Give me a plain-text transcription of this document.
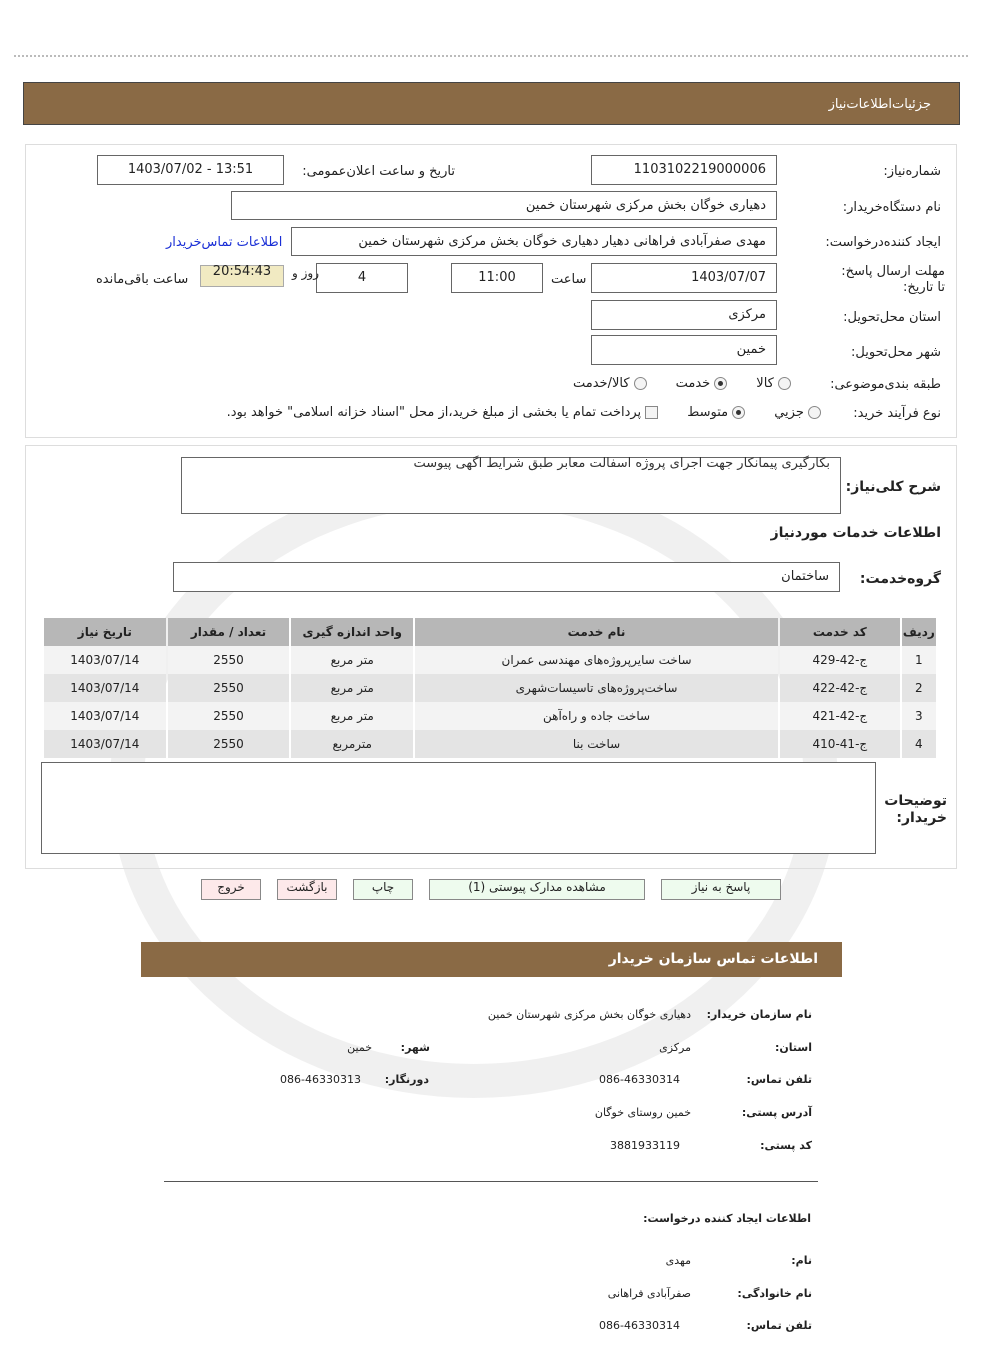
جزئیات‌اطلاعات‌نیاز
شماره‌نیاز:
1103102219000006
تاریخ و ساعت اعلان‌عمومی:
1403/07/02 - 13:51
نام دستگاه‌خریدار:
دهیاری خوگان بخش مرکزی شهرستان خمین
ایجاد کننده‌درخواست:
مهدی صفرآبادی فراهانی دهیار دهیاری خوگان بخش مرکزی شهرستان خمین
اطلاعات تماس‌خریدار
مهلت ارسال پاسخ: تا تاریخ:
1403/07/07
ساعت
11:00
4
روز و
20:54:43
ساعت باقی‌مانده
استان محل‌تحویل:
مرکزی
شهر محل‌تحویل:
خمین
طبقه بندی‌موضوعی:
کالا        خدمت        کالا/خدمت
نوع فرآیند خرید:
جزیي        متوسط        پرداخت تمام یا بخشی از مبلغ خرید،از محل "اسناد خزانه اسلامی" خواهد بود.
شرح کلی‌نیاز:
بکارگیری پیمانکار جهت اجرای پروژه اسفالت معابر طبق شرایط اگهی پیوست
اطلاعات خدمات موردنیاز
گروه‌خدمت:
ساختمان
ردیف	کد خدمت	نام خدمت	واحد اندازه گیری	تعداد / مقدار	تاریخ نیاز
1	ج-42-429	ساخت سایرپروژه‌های مهندسی عمران	متر مربع	2550	1403/07/14
2	ج-42-422	ساخت‌پروژه‌های تاسیسات‌شهری	متر مربع	2550	1403/07/14
3	ج-42-421	ساخت جاده و راه‌آهن	متر مربع	2550	1403/07/14
4	ج-41-410	ساخت بنا	مترمربع	2550	1403/07/14
توضیحات خریدار:
پاسخ به نیاز
مشاهده مدارک پیوستی (1)
چاپ
بازگشت
خروج
اطلاعات تماس سازمان خریدار
نام سازمان خریدار:
دهیاری خوگان بخش مرکزی شهرستان خمین
استان:
مرکزی
شهر:
خمین
تلفن تماس:
086-46330314
دورنگار:
086-46330313
آدرس پستی:
خمین روستای خوگان
کد پستی:
3881933119
اطلاعات ایجاد کننده درخواست:
نام:
مهدی
نام خانوادگی:
صفرآبادی فراهانی
تلفن تماس:
086-46330314
